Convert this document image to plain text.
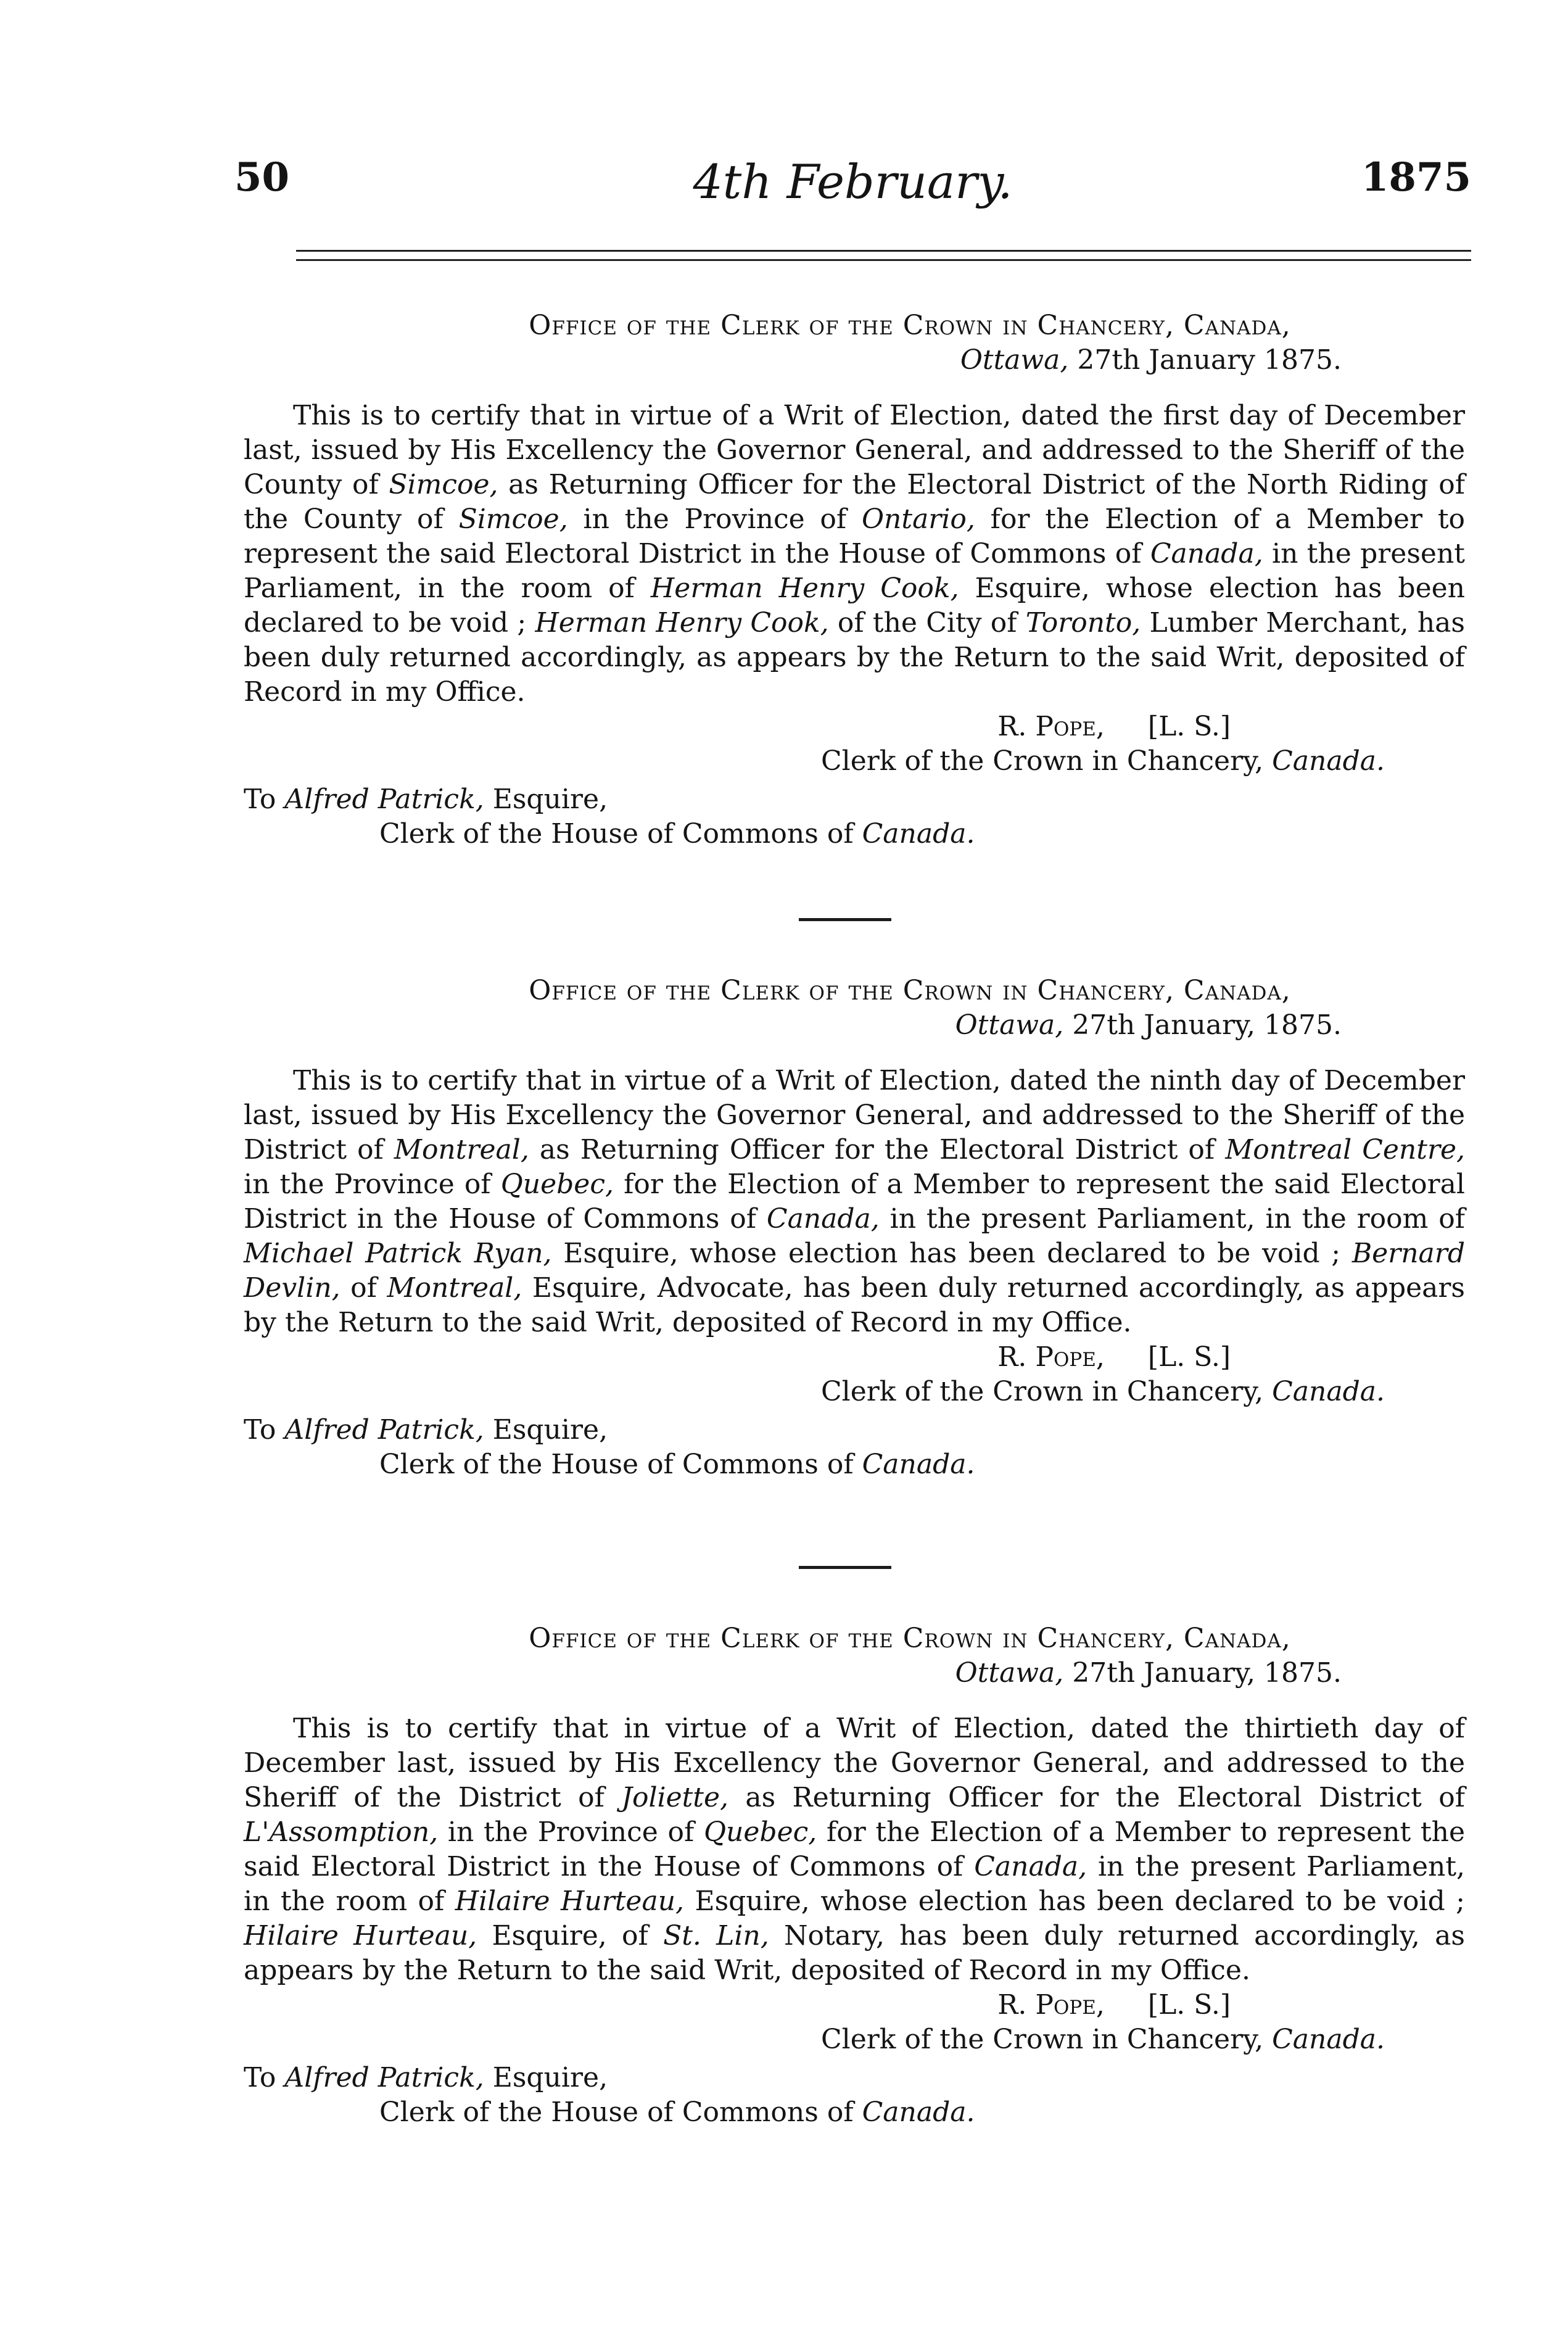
50	4th February.	1875
Office of the Clerk of the Crown in Chancery, Canada,
Ottawa, 27th January 1875.
This is to certify that in virtue of a Writ of Election, dated the first day of December last, issued by His Excellency the Governor General, and addressed to the Sheriff of the County of Simcoe, as Returning Officer for the Electoral District of the North Riding of the County of Simcoe, in the Province of Ontario, for the Election of a Member to represent the said Electoral District in the House of Commons of Canada, in the present Parliament, in the room of Herman Henry Cook, Esquire, whose election has been declared to be void ; Herman Henry Cook, of the City of Toronto, Lumber Merchant, has been duly returned accordingly, as appears by the Return to the said Writ, deposited of Record in my Office.
R. Pope, [L. S.]
Clerk of the Crown in Chancery, Canada.
To Alfred Patrick, Esquire,
Clerk of the House of Commons of Canada.
Office of the Clerk of the Crown in Chancery, Canada,
Ottawa, 27th January, 1875.
This is to certify that in virtue of a Writ of Election, dated the ninth day of December last, issued by His Excellency the Governor General, and addressed to the Sheriff of the District of Montreal, as Returning Officer for the Electoral District of Montreal Centre, in the Province of Quebec, for the Election of a Member to represent the said Electoral District in the House of Commons of Canada, in the present Parliament, in the room of Michael Patrick Ryan, Esquire, whose election has been declared to be void ; Bernard Devlin, of Montreal, Esquire, Advocate, has been duly returned accordingly, as appears by the Return to the said Writ, deposited of Record in my Office.
R. Pope, [L. S.]
Clerk of the Crown in Chancery, Canada.
To Alfred Patrick, Esquire,
Clerk of the House of Commons of Canada.
Office of the Clerk of the Crown in Chancery, Canada,
Ottawa, 27th January, 1875.
This is to certify that in virtue of a Writ of Election, dated the thirtieth day of December last, issued by His Excellency the Governor General, and addressed to the Sheriff of the District of Joliette, as Returning Officer for the Electoral District of L'Assomption, in the Province of Quebec, for the Election of a Member to represent the said Electoral District in the House of Commons of Canada, in the present Parliament, in the room of Hilaire Hurteau, Esquire, whose election has been declared to be void ; Hilaire Hurteau, Esquire, of St. Lin, Notary, has been duly returned accordingly, as appears by the Return to the said Writ, deposited of Record in my Office.
R. Pope, [L. S.]
Clerk of the Crown in Chancery, Canada.
To Alfred Patrick, Esquire,
Clerk of the House of Commons of Canada.
